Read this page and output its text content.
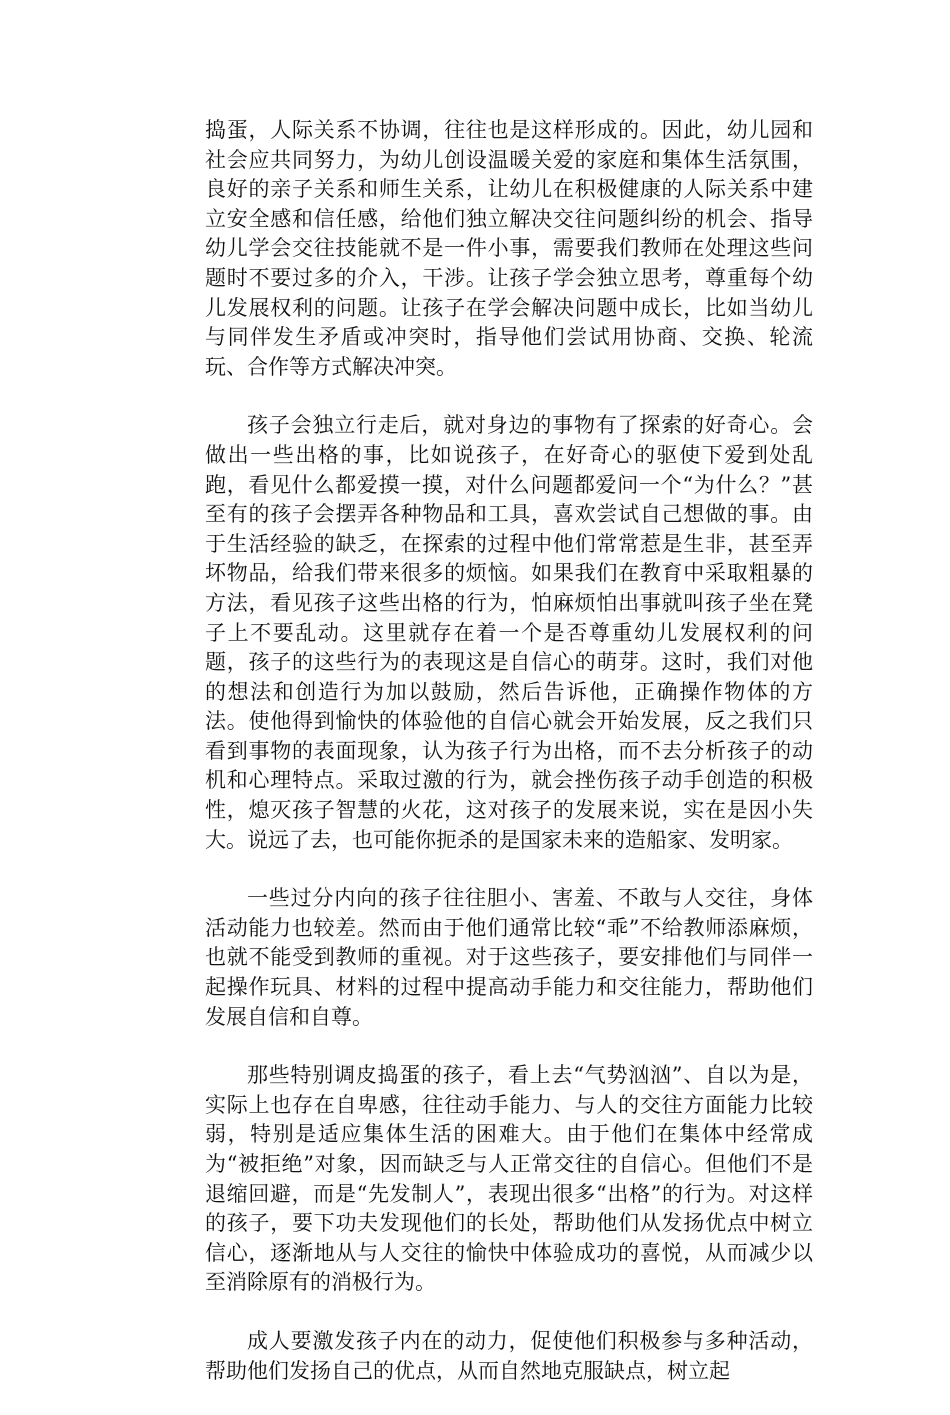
捣蛋，人际关系不协调，往往也是这样形成的。因此，幼儿园和社会应共同努力，为幼儿创设温暖关爱的家庭和集体生活氛围，良好的亲子关系和师生关系，让幼儿在积极健康的人际关系中建立安全感和信任感，给他们独立解决交往问题纠纷的机会、指导幼儿学会交往技能就不是一件小事，需要我们教师在处理这些问题时不要过多的介入，干涉。让孩子学会独立思考，尊重每个幼儿发展权利的问题。让孩子在学会解决问题中成长，比如当幼儿与同伴发生矛盾或冲突时，指导他们尝试用协商、交换、轮流玩、合作等方式解决冲突。

孩子会独立行走后，就对身边的事物有了探索的好奇心。会做出一些出格的事，比如说孩子，在好奇心的驱使下爱到处乱跑，看见什么都爱摸一摸，对什么问题都爱问一个“为什么？”甚至有的孩子会摆弄各种物品和工具，喜欢尝试自己想做的事。由于生活经验的缺乏，在探索的过程中他们常常惹是生非，甚至弄坏物品，给我们带来很多的烦恼。如果我们在教育中采取粗暴的方法，看见孩子这些出格的行为，怕麻烦怕出事就叫孩子坐在凳子上不要乱动。这里就存在着一个是否尊重幼儿发展权利的问题，孩子的这些行为的表现这是自信心的萌芽。这时，我们对他的想法和创造行为加以鼓励，然后告诉他，正确操作物体的方法。使他得到愉快的体验他的自信心就会开始发展，反之我们只看到事物的表面现象，认为孩子行为出格，而不去分析孩子的动机和心理特点。采取过激的行为，就会挫伤孩子动手创造的积极性，熄灭孩子智慧的火花，这对孩子的发展来说，实在是因小失大。说远了去，也可能你扼杀的是国家未来的造船家、发明家。

一些过分内向的孩子往往胆小、害羞、不敢与人交往，身体活动能力也较差。然而由于他们通常比较“乖”不给教师添麻烦，也就不能受到教师的重视。对于这些孩子，要安排他们与同伴一起操作玩具、材料的过程中提高动手能力和交往能力，帮助他们发展自信和自尊。

那些特别调皮捣蛋的孩子，看上去“气势汹汹”、自以为是，实际上也存在自卑感，往往动手能力、与人的交往方面能力比较弱，特别是适应集体生活的困难大。由于他们在集体中经常成为“被拒绝”对象，因而缺乏与人正常交往的自信心。但他们不是退缩回避，而是“先发制人”，表现出很多“出格”的行为。对这样的孩子，要下功夫发现他们的长处，帮助他们从发扬优点中树立信心，逐渐地从与人交往的愉快中体验成功的喜悦，从而减少以至消除原有的消极行为。

成人要激发孩子内在的动力，促使他们积极参与多种活动，帮助他们发扬自己的优点，从而自然地克服缺点，树立起
